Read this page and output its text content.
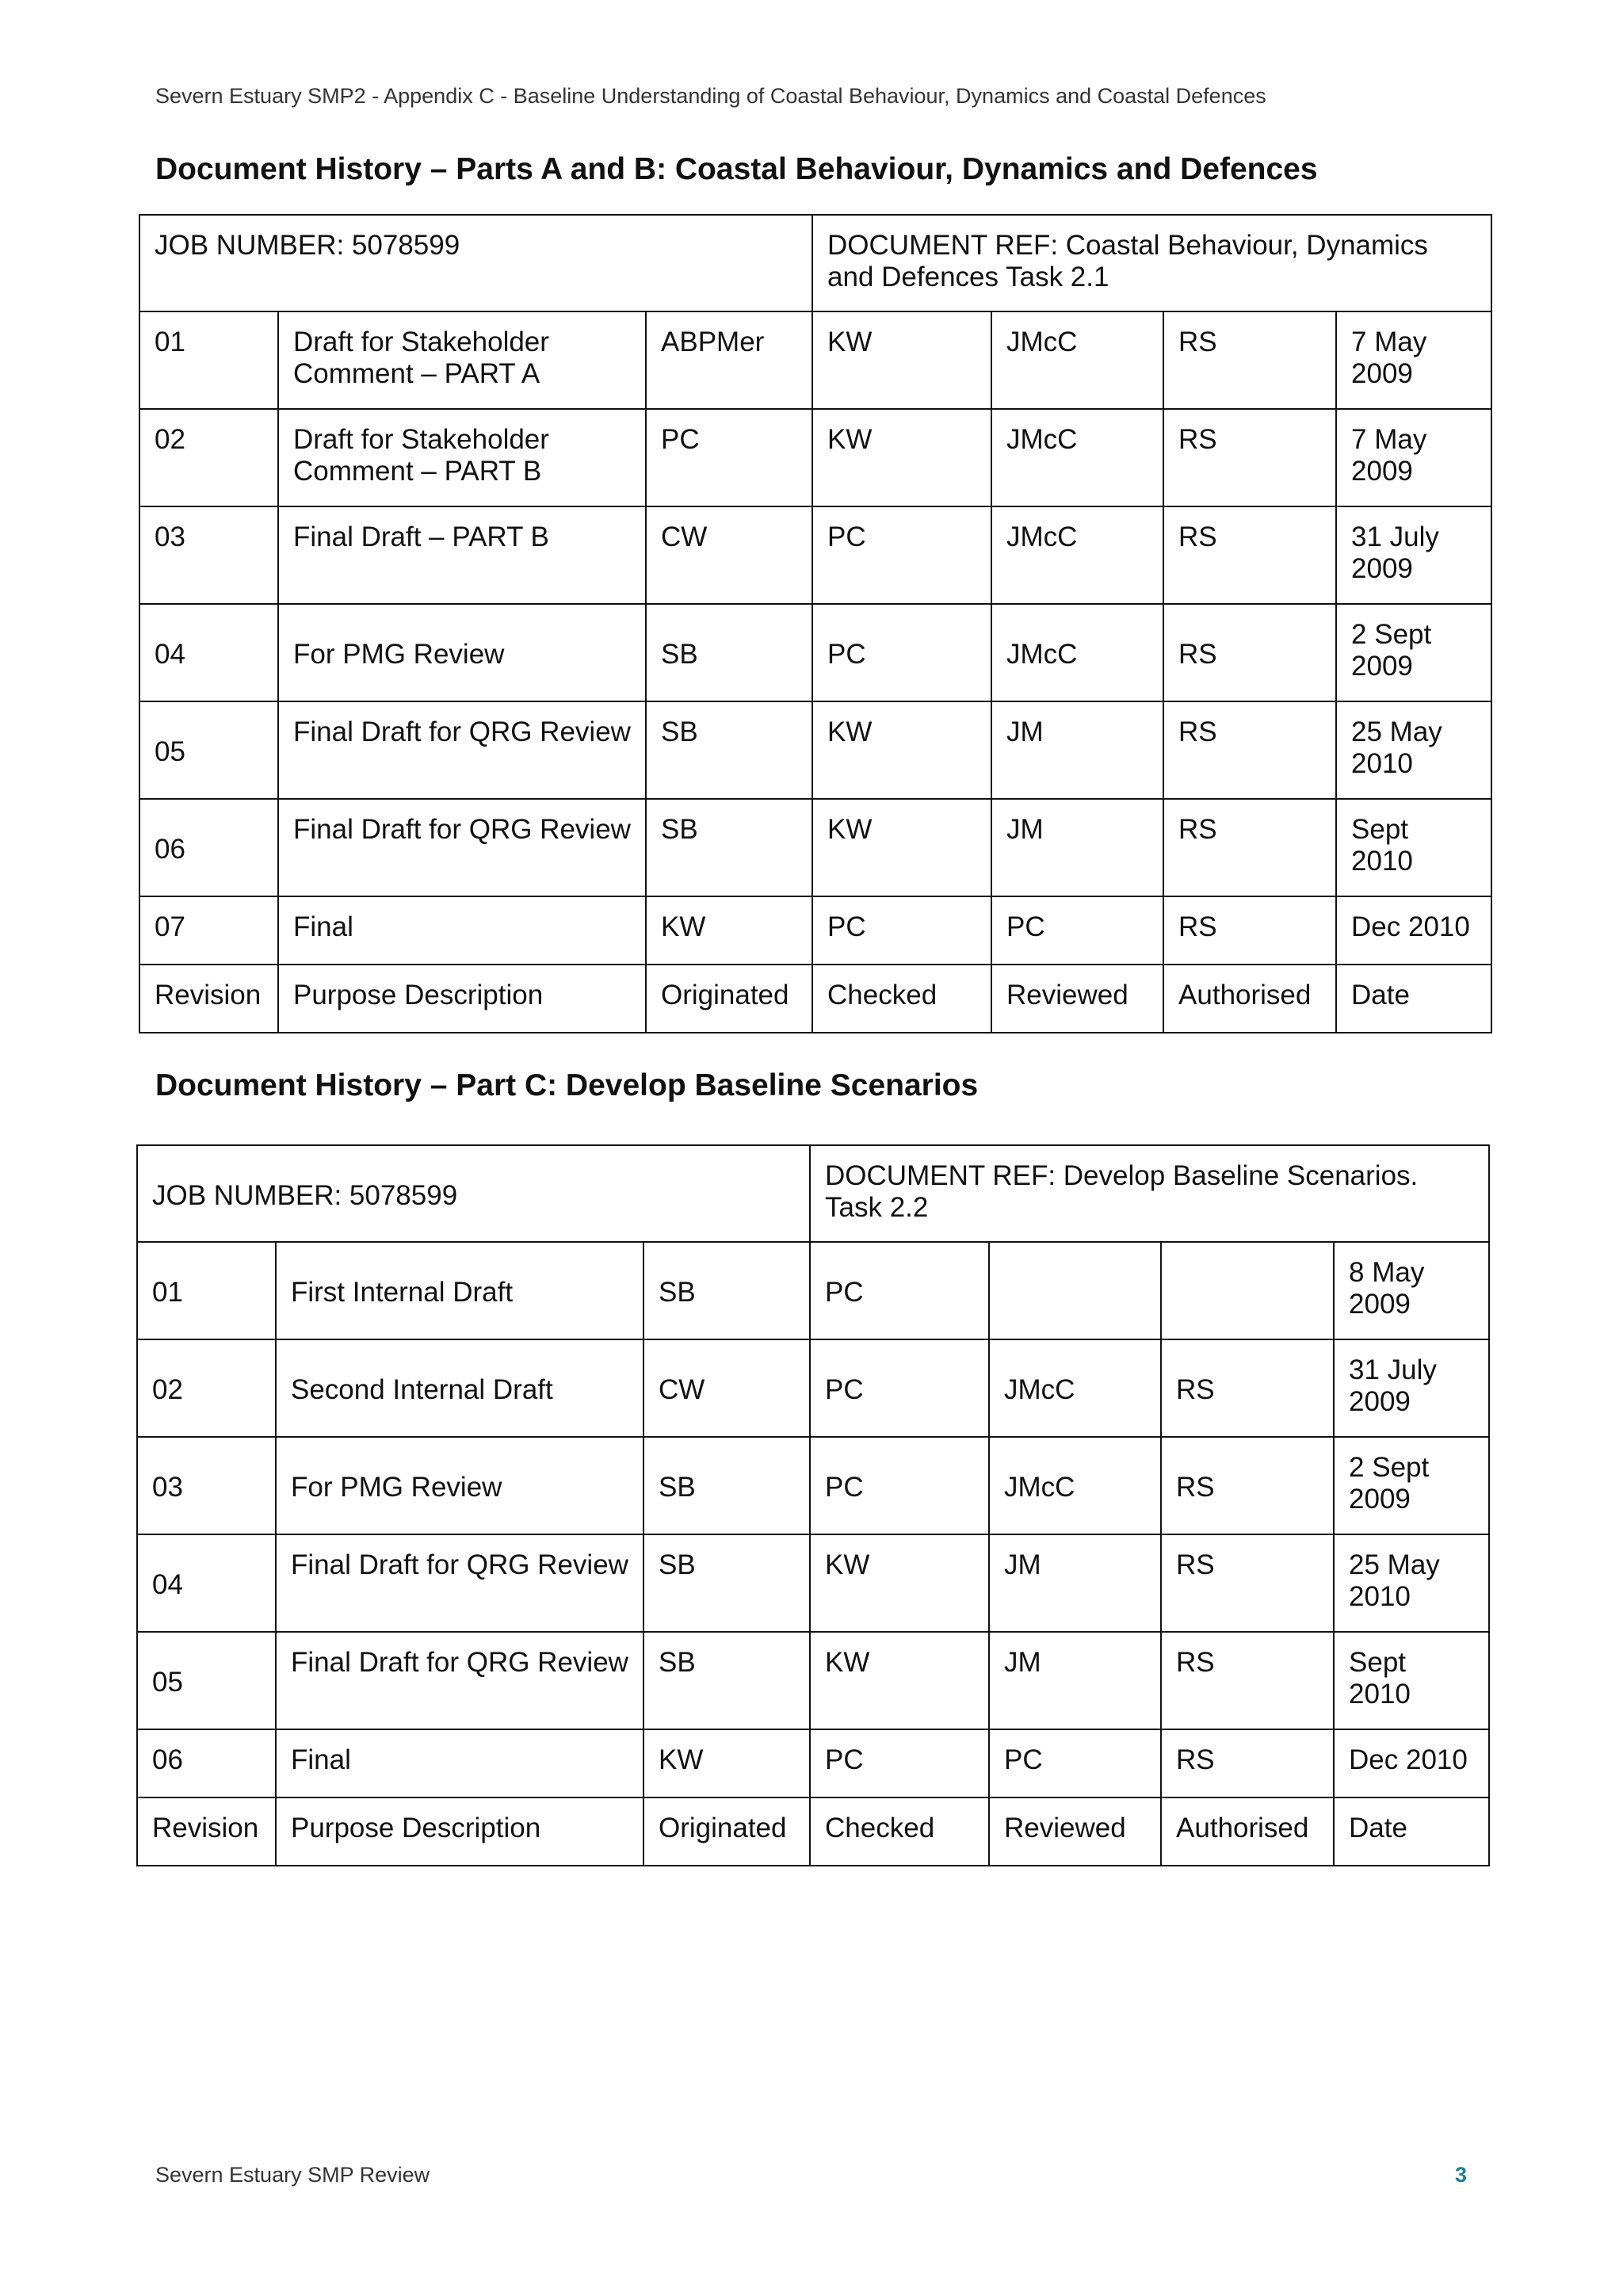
Severn Estuary SMP2 - Appendix C - Baseline Understanding of Coastal Behaviour, Dynamics and Coastal Defences
Document History – Parts A and B: Coastal Behaviour, Dynamics and Defences
JOB NUMBER: 5078599			DOCUMENT REF: Coastal Behaviour, Dynamics and Defences Task 2.1			
01	Draft for Stakeholder Comment – PART A	ABPMer	KW	JMcC	RS	7 May 2009
02	Draft for Stakeholder Comment – PART B	PC	KW	JMcC	RS	7 May 2009
03	Final Draft – PART B	CW	PC	JMcC	RS	31 July 2009
04	For PMG Review	SB	PC	JMcC	RS	2 Sept 2009
05	Final Draft for QRG Review	SB	KW	JM	RS	25 May 2010
06	Final Draft for QRG Review	SB	KW	JM	RS	Sept 2010
07	Final	KW	PC	PC	RS	Dec 2010
Revision	Purpose Description	Originated	Checked	Reviewed	Authorised	Date
Document History – Part C: Develop Baseline Scenarios
JOB NUMBER: 5078599			DOCUMENT REF: Develop Baseline Scenarios. Task 2.2			
01	First Internal Draft	SB	PC			8 May 2009
02	Second Internal Draft	CW	PC	JMcC	RS	31 July 2009
03	For PMG Review	SB	PC	JMcC	RS	2 Sept 2009
04	Final Draft for QRG Review	SB	KW	JM	RS	25 May 2010
05	Final Draft for QRG Review	SB	KW	JM	RS	Sept 2010
06	Final	KW	PC	PC	RS	Dec 2010
Revision	Purpose Description	Originated	Checked	Reviewed	Authorised	Date
Severn Estuary SMP Review	3
